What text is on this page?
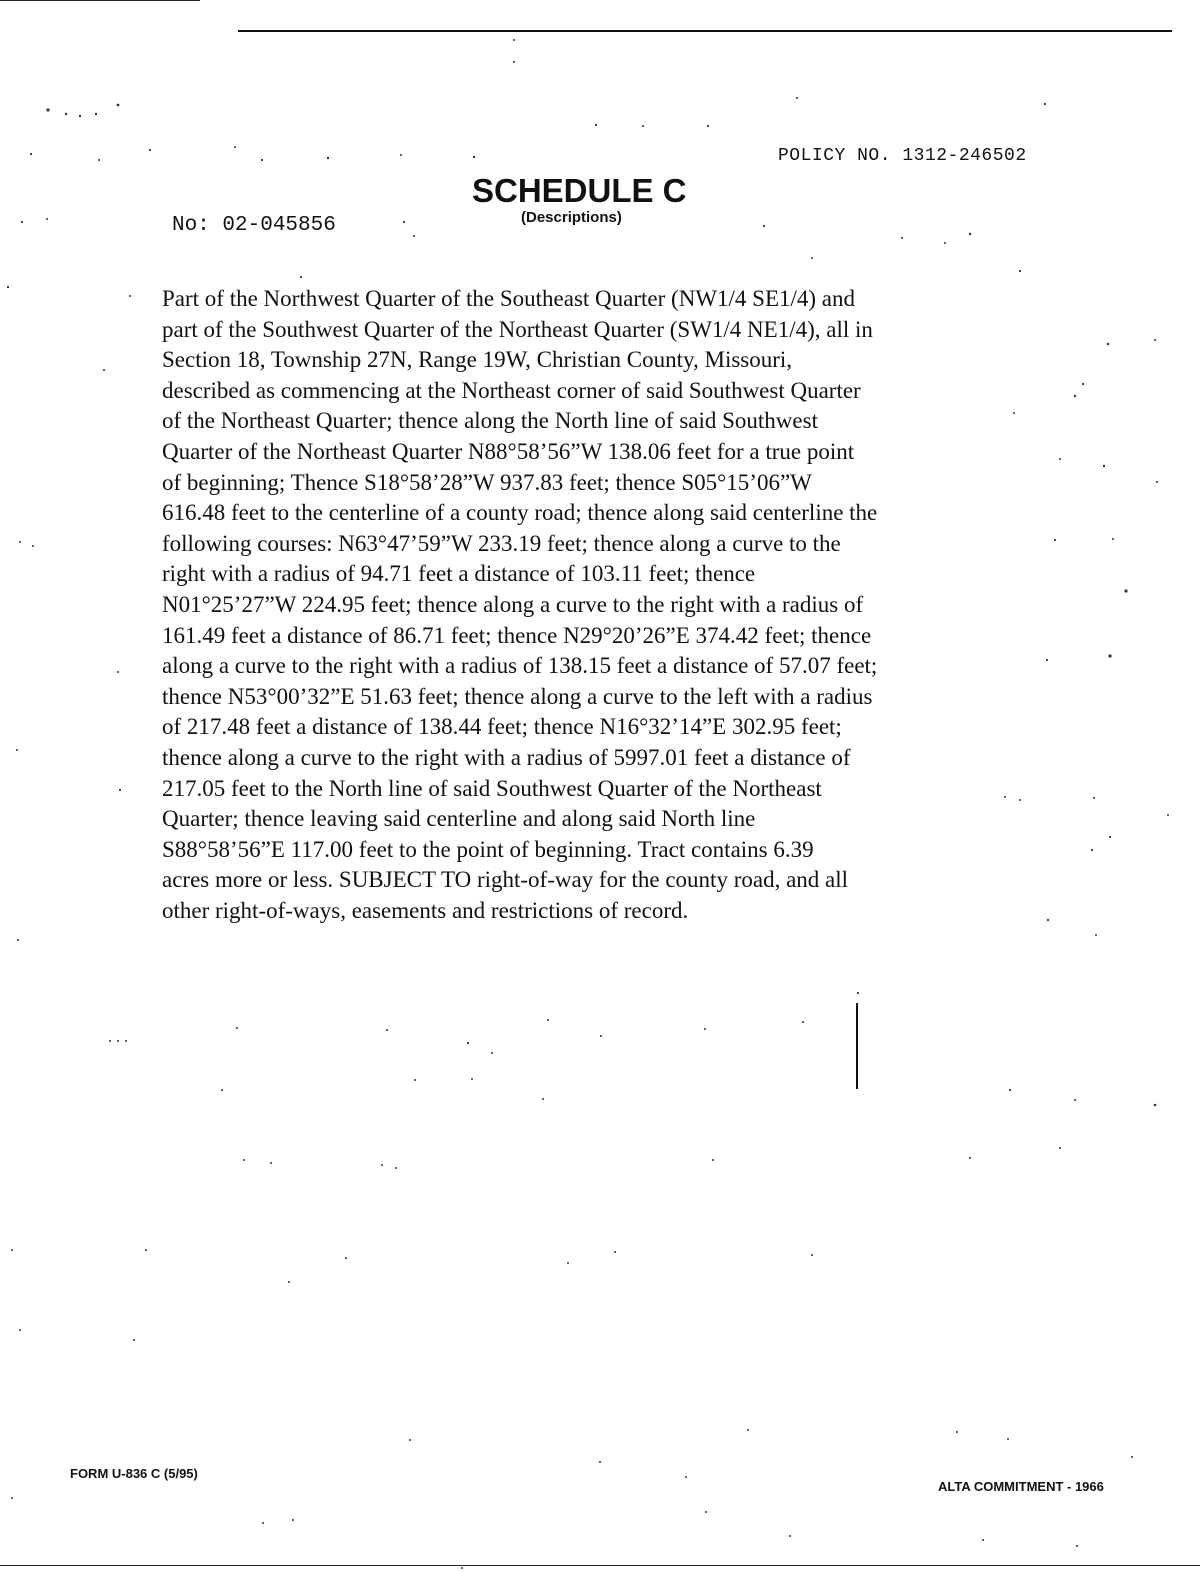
POLICY NO. 1312-246502
SCHEDULE C
(Descriptions)
No: 02-045856
Part of the Northwest Quarter of the Southeast Quarter (NW1/4 SE1/4) and
part of the Southwest Quarter of the Northeast Quarter (SW1/4 NE1/4), all in
Section 18, Township 27N, Range 19W, Christian County, Missouri,
described as commencing at the Northeast corner of said Southwest Quarter
of the Northeast Quarter; thence along the North line of said Southwest
Quarter of the Northeast Quarter N88°58’56”W 138.06 feet for a true point
of beginning; Thence S18°58’28”W 937.83 feet; thence S05°15’06”W
616.48 feet to the centerline of a county road; thence along said centerline the
following courses: N63°47’59”W 233.19 feet; thence along a curve to the
right with a radius of 94.71 feet a distance of 103.11 feet; thence
N01°25’27”W 224.95 feet; thence along a curve to the right with a radius of
161.49 feet a distance of 86.71 feet; thence N29°20’26”E 374.42 feet; thence
along a curve to the right with a radius of 138.15 feet a distance of 57.07 feet;
thence N53°00’32”E 51.63 feet; thence along a curve to the left with a radius
of 217.48 feet a distance of 138.44 feet; thence N16°32’14”E 302.95 feet;
thence along a curve to the right with a radius of 5997.01 feet a distance of
217.05 feet to the North line of said Southwest Quarter of the Northeast
Quarter; thence leaving said centerline and along said North line
S88°58’56”E 117.00 feet to the point of beginning. Tract contains 6.39
acres more or less. SUBJECT TO right-of-way for the county road, and all
other right-of-ways, easements and restrictions of record.
FORM U-836 C (5/95)
ALTA COMMITMENT - 1966
